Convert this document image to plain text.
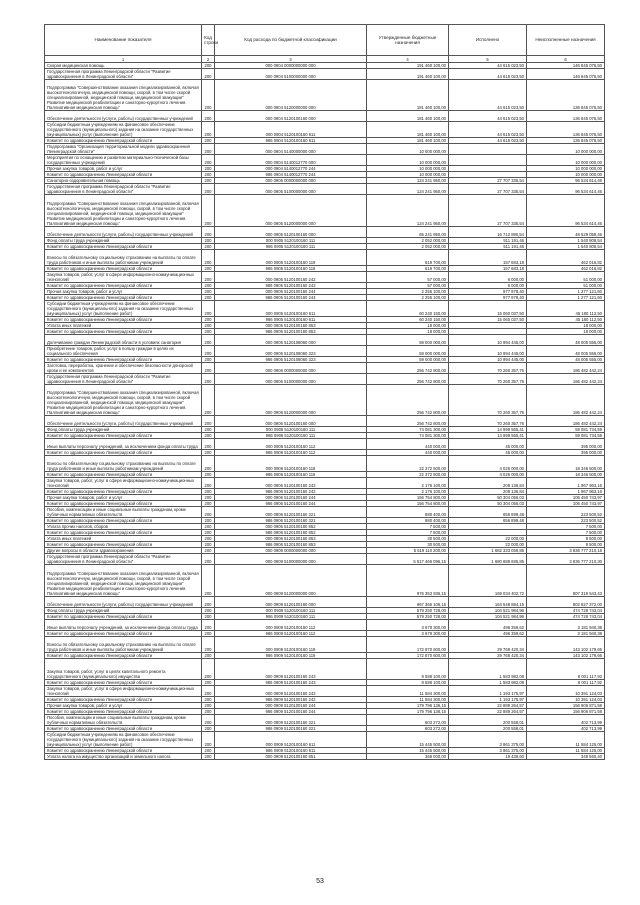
Наименование показателя	Код строки	Код расхода по бюджетной классификации	Утвержденные бюджетные назначения	Исполнено	Неисполненные назначения
1	2	3	4	5	6
Скорая медицинская помощь	200	000 0904 0000000000 000	191 460 100,00	44 615 023,50	146 845 076,50
Государственная программа Ленинградской области "Развитие здравоохранения в Ленинградской области"	200	000 0904 5100000000 000	191 460 100,00	44 615 023,50	146 845 076,50
Подпрограмма "Совершенствование оказания специализированной, включая высокотехнологичную, медицинской помощи, скорой, в том числе скорой специализированной, медицинской помощи, медицинской эвакуации" Развитие медицинской реабилитации и санаторно-курортного лечения. Паллиативная медицинская помощь"	200	000 0904 5120000000 000	181 460 100,00	44 615 023,50	136 845 076,50
Обеспечение деятельности (услуги, работы) государственных учреждений	200	000 0904 5120100160 000	181 460 100,00	44 615 023,50	136 845 076,50
Субсидии бюджетным учреждениям на финансовое обеспечение государственного (муниципального) задания на оказание государственных (муниципальных) услуг (выполнение работ)	200	000 0904 5120100160 611	181 460 100,00	44 615 023,50	136 845 076,50
Комитет по здравоохранению Ленинградской области	200	986 0904 5120100160 611	181 460 100,00	44 615 023,50	136 845 076,50
Подпрограмма "Организация территориальной модели здравоохранения Ленинградской области"	200	000 0904 5140000000 000	10 000 000,00		10 000 000,00
Мероприятия по оснащению и развитию материально-технической базы государственных учреждений	200	000 0904 5140012770 000	10 000 000,00		10 000 000,00
Прочая закупка товаров, работ и услуг	200	000 0904 5140012770 244	10 000 000,00		10 000 000,00
Комитет по здравоохранению Ленинградской области	200	986 0904 5140012770 244	10 000 000,00		10 000 000,00
Санаторно-оздоровительная помощь	200	000 0905 0000000000 000	124 241 950,00	27 707 335,54	96 534 614,46
Государственная программа Ленинградской области "Развитие здравоохранения в Ленинградской области"	200	000 0905 5100000000 000	124 241 950,00	27 707 335,54	96 534 614,46
Подпрограмма "Совершенствование оказания специализированной, включая высокотехнологичную, медицинской помощи, скорой, в том числе скорой специализированной, медицинской помощи, медицинской эвакуации" Развитие медицинской реабилитации и санаторно-курортного лечения. Паллиативная медицинская помощь"	200	000 0905 5120000000 000	124 241 950,00	27 707 335,54	96 534 614,46
Обеспечение деятельности (услуги, работы) государственных учреждений	200	000 0905 5120100160 000	65 241 950,00	16 712 890,54	48 529 059,46
Фонд оплаты труда учреждений	200	000 0905 5120100160 111	2 052 000,00	511 191,46	1 540 808,54
Комитет по здравоохранению Ленинградской области	200	986 0905 5120100160 111	2 052 000,00	511 191,46	1 540 808,54
Взносы по обязательному социальному страхованию на выплаты по оплате труда работников и иные выплаты работникам учреждений	200	000 0905 5120100160 119	619 700,00	157 683,18	462 016,82
Комитет по здравоохранению Ленинградской области	200	986 0905 5120100160 119	619 700,00	157 683,18	462 016,82
Закупка товаров, работ, услуг в сфере информационно-коммуникационных технологий	200	000 0905 5120100160 242	57 000,00	6 000,00	51 000,00
Комитет по здравоохранению Ленинградской области	200	986 0905 5120100160 242	57 000,00	6 000,00	51 000,00
Прочая закупка товаров, работ и услуг	200	000 0905 5120100160 244	2 255 100,00	977 978,40	1 277 121,60
Комитет по здравоохранению Ленинградской области	200	986 0905 5120100160 244	2 255 100,00	977 978,40	1 277 121,60
Субсидии бюджетным учреждениям на финансовое обеспечение государственного (муниципального) задания на оказание государственных (муниципальных) услуг (выполнение работ)	200	000 0905 5120100160 611	60 240 150,00	15 060 037,50	45 180 112,50
Комитет по здравоохранению Ленинградской области	200	986 0905 5120100160 611	60 240 150,00	15 060 037,50	45 180 112,50
Уплата иных платежей	200	000 0905 5120100160 853	18 000,00		18 000,00
Комитет по здравоохранению Ленинградской области	200	986 0905 5120100160 853	18 000,00		18 000,00
Долечивание граждан Ленинградской области в условиях санатория	200	000 0905 5120108060 000	59 000 000,00	10 994 445,00	48 005 555,00
Приобретение товаров, работ, услуг в пользу граждан в целях их социального обеспечения	200	000 0905 5120108060 323	59 000 000,00	10 994 445,00	48 005 555,00
Комитет по здравоохранению Ленинградской области	200	986 0905 5120108060 323	59 000 000,00	10 994 445,00	48 005 555,00
Заготовка, переработка, хранение и обеспечение безопасности донорской крови и ее компонентов	200	000 0906 0000000000 000	256 742 800,00	70 260 357,76	186 482 442,24
Государственная программа Ленинградской области "Развитие здравоохранения в Ленинградской области"	200	000 0906 5100000000 000	256 742 800,00	70 260 357,76	186 482 442,24
Подпрограмма "Совершенствование оказания специализированной, включая высокотехнологичную, медицинской помощи, скорой, в том числе скорой специализированной, медицинской помощи, медицинской эвакуации" Развитие медицинской реабилитации и санаторно-курортного лечения. Паллиативная медицинская помощь"	200	000 0906 5120000000 000	256 742 800,00	70 260 357,76	186 482 442,24
Обеспечение деятельности (услуги, работы) государственных учреждений	200	000 0906 5120100160 000	256 742 800,00	70 260 357,76	186 482 442,24
Фонд оплаты труда учреждений	200	000 0906 5120100160 111	74 081 300,00	14 999 565,41	59 081 734,59
Комитет по здравоохранению Ленинградской области	200	986 0906 5120100160 111	74 081 300,00	14 999 565,41	59 081 734,59
Иные выплаты персоналу учреждений, за исключением фонда оплаты труда	200	000 0906 5120100160 112	440 000,00	45 000,00	395 000,00
Комитет по здравоохранению Ленинградской области	200	986 0906 5120100160 112	440 000,00	45 000,00	395 000,00
Взносы по обязательному социальному страхованию на выплаты по оплате труда работников и иные выплаты работникам учреждений	200	000 0906 5120100160 119	22 372 500,00	4 026 000,00	18 346 500,00
Комитет по здравоохранению Ленинградской области	200	986 0906 5120100160 119	22 372 500,00	4 026 000,00	18 346 500,00
Закупка товаров, работ, услуг в сфере информационно-коммуникационных технологий	200	000 0906 5120100160 242	2 176 100,00	208 136,84	1 967 963,16
Комитет по здравоохранению Ленинградской области	200	986 0906 5120100160 242	2 176 100,00	208 136,84	1 967 963,16
Прочая закупка товаров, работ и услуг	200	000 0906 5120100160 244	156 754 800,00	50 304 056,03	106 450 743,97
Комитет по здравоохранению Ленинградской области	200	986 0906 5120100160 244	156 754 800,00	50 304 056,03	106 450 743,97
Пособия, компенсации и иные социальные выплаты гражданам, кроме публичных нормативных обязательств	200	000 0906 5120100160 321	880 400,00	656 899,48	223 500,52
Комитет по здравоохранению Ленинградской области	200	986 0906 5120100160 321	880 400,00	656 899,48	223 500,52
Уплата прочих налогов, сборов	200	000 0906 5120100160 852	7 500,00		7 500,00
Комитет по здравоохранению Ленинградской области	200	986 0906 5120100160 852	7 500,00		7 500,00
Уплата иных платежей	200	000 0906 5120100160 853	30 500,00	22 000,00	8 500,00
Комитет по здравоохранению Ленинградской области	200	986 0906 5120100160 853	30 500,00	22 000,00	8 500,00
Другие вопросы в области здравоохранения	200	000 0909 0000000000 000	5 519 110 200,00	1 682 333 059,86	3 836 777 210,18
Государственная программа Ленинградской области "Развитие здравоохранения в Ленинградской области"	200	000 0909 5100000000 000	5 517 466 096,15	1 680 688 685,85	3 836 777 210,30
Подпрограмма "Совершенствование оказания специализированной, включая высокотехнологичную, медицинской помощи, скорой, в том числе скорой специализированной, медицинской помощи, медицинской эвакуации" Развитие медицинской реабилитации и санаторно-курортного лечения. Паллиативная медицинская помощь"	200	000 0909 5120000000 000	976 353 936,15	169 034 402,72	807 319 543,43
Обеспечение деятельности (услуги, работы) государственных учреждений	200	000 0909 5120100160 000	967 365 106,15	164 548 884,15	802 827 372,00
Фонд оплаты труда учреждений	200	000 0909 5120100160 111	579 250 728,00	104 521 984,96	474 728 743,04
Комитет по здравоохранению Ленинградской области	200	986 0909 5120100160 111	579 250 728,00	104 521 984,96	474 728 743,04
Иные выплаты персоналу учреждений, за исключением фонда оплаты труда	200	000 0909 5120100160 112	3 678 300,00	496 359,62	3 181 940,38
Комитет по здравоохранению Ленинградской области	200	986 0909 5120100160 112	3 678 300,00	496 359,62	3 181 940,38
Взносы по обязательному социальному страхованию на выплаты по оплате труда работников и иные выплаты работникам учреждений	200	000 0909 5120100160 119	172 870 600,00	29 768 420,34	143 102 179,66
Комитет по здравоохранению Ленинградской области	200	986 0909 5120100160 119	172 870 600,00	29 768 420,34	143 102 179,66
Закупка товаров, работ, услуг в целях капитального ремонта государственного (муниципального) имущества	200	000 0909 5120100160 243	9 588 100,00	1 583 982,08	8 001 117,92
Комитет по здравоохранению Ленинградской области	200	986 0909 5120100160 243	9 588 100,00	1 583 982,08	8 001 117,92
Закупка товаров, работ, услуг в сфере информационно-коммуникационных технологий	200	000 0909 5120100160 242	11 584 300,00	1 193 175,97	10 391 124,03
Комитет по здравоохранению Ленинградской области	200	986 0909 5120100160 242	11 584 300,00	1 193 175,97	10 391 124,03
Прочая закупка товаров, работ и услуг	200	000 0909 5120100160 244	179 796 136,15	22 889 264,57	156 906 871,58
Комитет по здравоохранению Ленинградской области	200	986 0909 5120100160 244	179 796 136,15	22 889 264,57	156 906 871,58
Пособия, компенсации и иные социальные выплаты гражданам, кроме публичных нормативных обязательств	200	000 0909 5120100160 321	603 272,00	200 558,01	402 713,99
Комитет по здравоохранению Ленинградской области	200	986 0909 5120100160 321	603 272,00	200 558,01	402 713,99
Субсидии бюджетным учреждениям на финансовое обеспечение государственного (муниципального) задания на оказание государственных (муниципальных) услуг (выполнение работ)	200	000 0909 5120100160 611	15 445 500,00	3 861 375,00	11 584 125,00
Комитет по здравоохранению Ленинградской области	200	986 0909 5120100160 611	15 445 500,00	3 861 375,00	11 584 125,00
Уплата налога на имущество организаций и земельного налога	200	000 0909 5120100160 851	369 000,00	19 439,60	349 560,40
53
